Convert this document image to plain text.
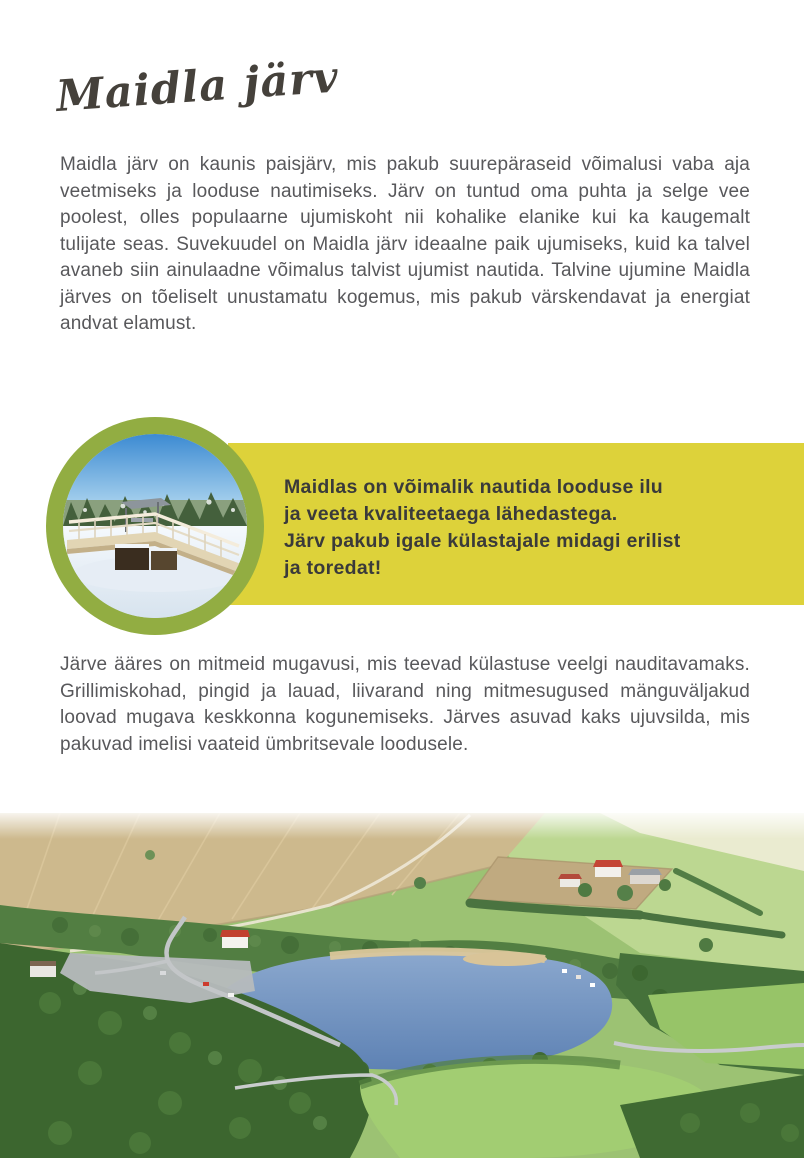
Maidla järv
Maidla järv on kaunis paisjärv, mis pakub suurepäraseid võimalusi vaba aja veetmiseks ja looduse nautimiseks. Järv on tuntud oma puhta ja selge vee poolest, olles populaarne ujumiskoht nii kohalike elanike kui ka kaugemalt tulijate seas. Suvekuudel on Maidla järv ideaalne paik ujumiseks, kuid ka talvel avaneb siin ainulaadne võimalus talvist ujumist nautida. Talvine ujumine Maidla järves on tõeliselt unustamatu kogemus, mis pakub värskendavat ja energiat andvat elamust.
Maidlas on võimalik nautida looduse ilu
ja veeta kvaliteetaega lähedastega.
Järv pakub igale külastajale midagi erilist
ja toredat!
Järve ääres on mitmeid mugavusi, mis teevad külastuse veelgi nauditavamaks. Grillimiskohad, pingid ja lauad, liivarand ning mitmesugused mänguväljakud loovad mugava keskkonna kogunemiseks. Järves asuvad kaks ujuvsilda, mis pakuvad imelisi vaateid ümbritsevale loodusele.
